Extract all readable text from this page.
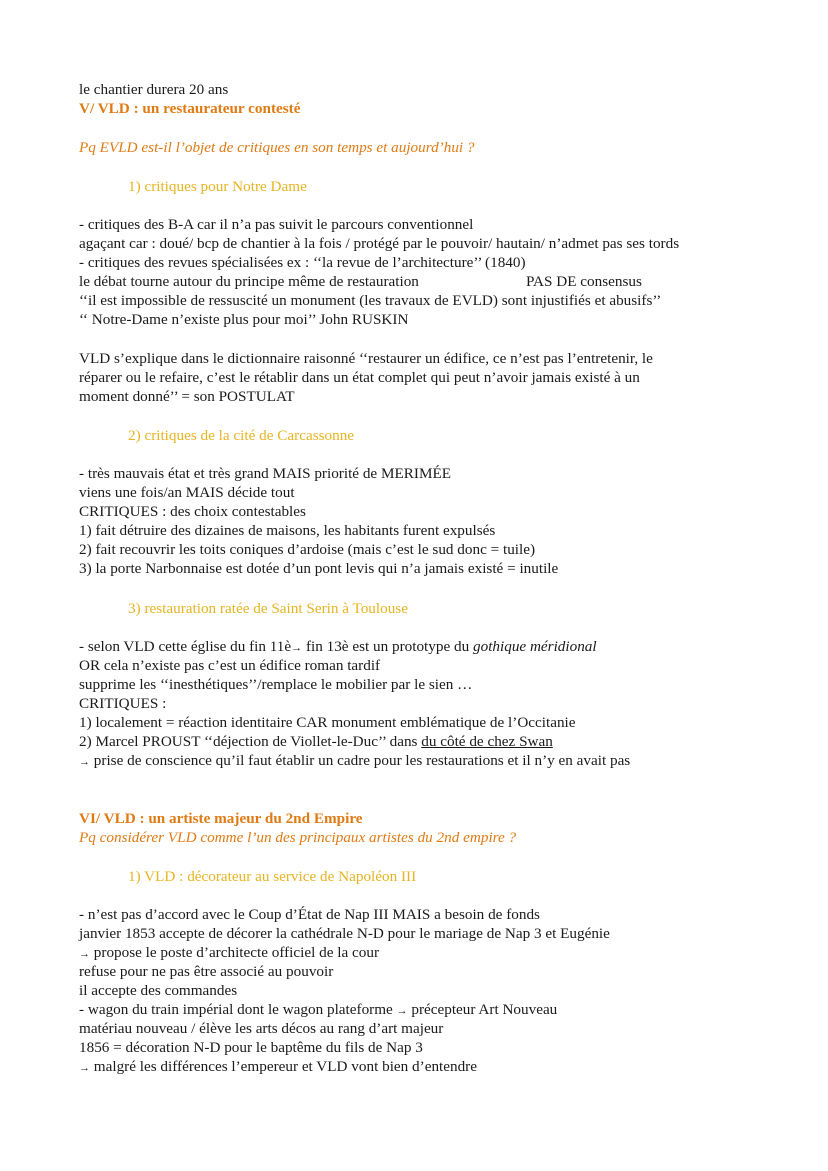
le chantier durera 20 ans

V/ VLD : un restaurateur contesté

Pq EVLD est-il l’objet de critiques en son temps et aujourd’hui ?

1) critiques pour Notre Dame

- critiques des B-A car il n’a pas suivit le parcours conventionnel

agaçant car : doué/ bcp de chantier à la fois / protégé par le pouvoir/ hautain/ n’admet pas ses tords

- critiques des revues spécialisées ex : ‘‘la revue de l’architecture’’ (1840)

le débat tourne autour du principe même de restauration	PAS DE consensus

‘‘il est impossible de ressuscité un monument (les travaux de EVLD) sont injustifiés et abusifs’’

‘‘ Notre-Dame n’existe plus pour moi’’ John RUSKIN

VLD s’explique dans le dictionnaire raisonné ‘‘restaurer un édifice, ce n’est pas l’entretenir, le

réparer ou le refaire, c’est le rétablir dans un état complet qui peut n’avoir jamais existé à un

moment donné’’ = son POSTULAT

2) critiques de la cité de Carcassonne

- très mauvais état et très grand MAIS priorité de MERIMÉE

viens une fois/an MAIS décide tout

CRITIQUES : des choix contestables

1) fait détruire des dizaines de maisons, les habitants furent expulsés

2) fait recouvrir les toits coniques d’ardoise (mais c’est le sud donc = tuile)

3) la porte Narbonnaise est dotée d’un pont levis qui n’a jamais existé = inutile

3) restauration ratée de Saint Serin à Toulouse

- selon VLD cette église du fin 11è→ fin 13è est un prototype du gothique méridional

OR cela n’existe pas c’est un édifice roman tardif

supprime les ‘‘inesthétiques’’/remplace le mobilier par le sien …

CRITIQUES :

1) localement = réaction identitaire CAR monument emblématique de l’Occitanie

2) Marcel PROUST ‘‘déjection de Viollet-le-Duc’’ dans du côté de chez Swan

→ prise de conscience qu’il faut établir un cadre pour les restaurations et il n’y en avait pas

VI/ VLD : un artiste majeur du 2nd Empire

Pq considérer VLD comme l’un des principaux artistes du 2nd empire ?

1) VLD : décorateur au service de Napoléon III

- n’est pas d’accord avec le Coup d’État de Nap III MAIS a besoin de fonds

janvier 1853 accepte de décorer la cathédrale N-D pour le mariage de Nap 3 et Eugénie

→ propose le poste d’architecte officiel de la cour

refuse pour ne pas être associé au pouvoir

il accepte des commandes

- wagon du train impérial dont le wagon plateforme → précepteur Art Nouveau

matériau nouveau / élève les arts décos au rang d’art majeur

1856 = décoration N-D pour le baptême du fils de Nap 3

→ malgré les différences l’empereur et VLD vont bien d’entendre
